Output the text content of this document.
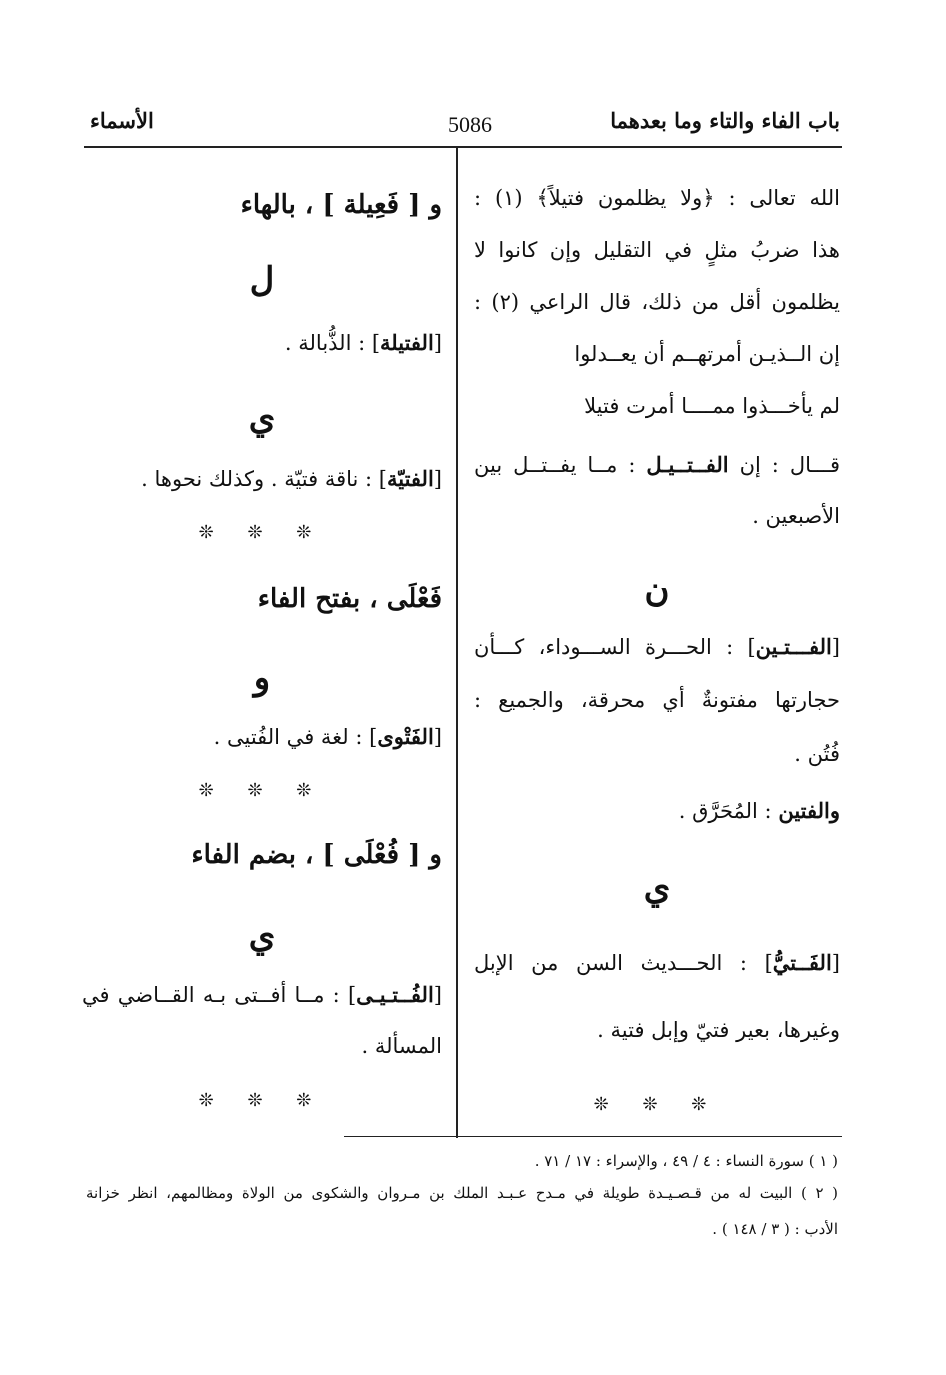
باب الفاء والتاء وما بعدهما
5086
الأسماء
الله تعالى : ﴿ولا يظلمون فتيلاً﴾ (١) :
هذا ضربُ مثلٍ في التقليل وإن كانوا لا
يظلمون أقل من ذلك، قال الراعي (٢) :
إن الــذيـن أمرتهــم أن يعــدلوا
لم يأخـــذوا ممــــا أمرت فتيلا
قـــال : إن الفــتــيـل : مــا يفــتــل بين
الأصبعين .
ن
[الفـــتـين] : الحـــرة الســـوداء، كـــأن
حجارتها مفتونةٌ أي محرقة، والجميع :
فُتُن .
والفتين : المُحَرَّق .
ي
[الفَــتيُّ] : الحـــديث السن من الإبل
وغيرها، بعير فتيّ وإبل فتية .
❊ ❊ ❊
و [ فَعِيلة ] ، بالهاء
ل
[الفتيلة] : الذُّبالة .
ي
[الفتيّة] : ناقة فتيّة . وكذلك نحوها .
❊ ❊ ❊
فَعْلَى ، بفتح الفاء
و
[الفَتْوى] : لغة في الفُتيى .
❊ ❊ ❊
و [ فُعْلَى ] ، بضم الفاء
ي
[الفُــتـيـى] : مــا أفــتى بـه القــاضي في
المسألة .
❊ ❊ ❊
( ١ ) سورة النساء : ٤ / ٤٩ ، والإسراء : ١٧ / ٧١ .
( ٢ ) البيت له من قـصـيـدة طويلة في مـدح عـبـد الملك بن مـروان والشكوى من الولاة ومظالمهم، انظر خزانة
الأدب : ( ٣ / ١٤٨ ) .
